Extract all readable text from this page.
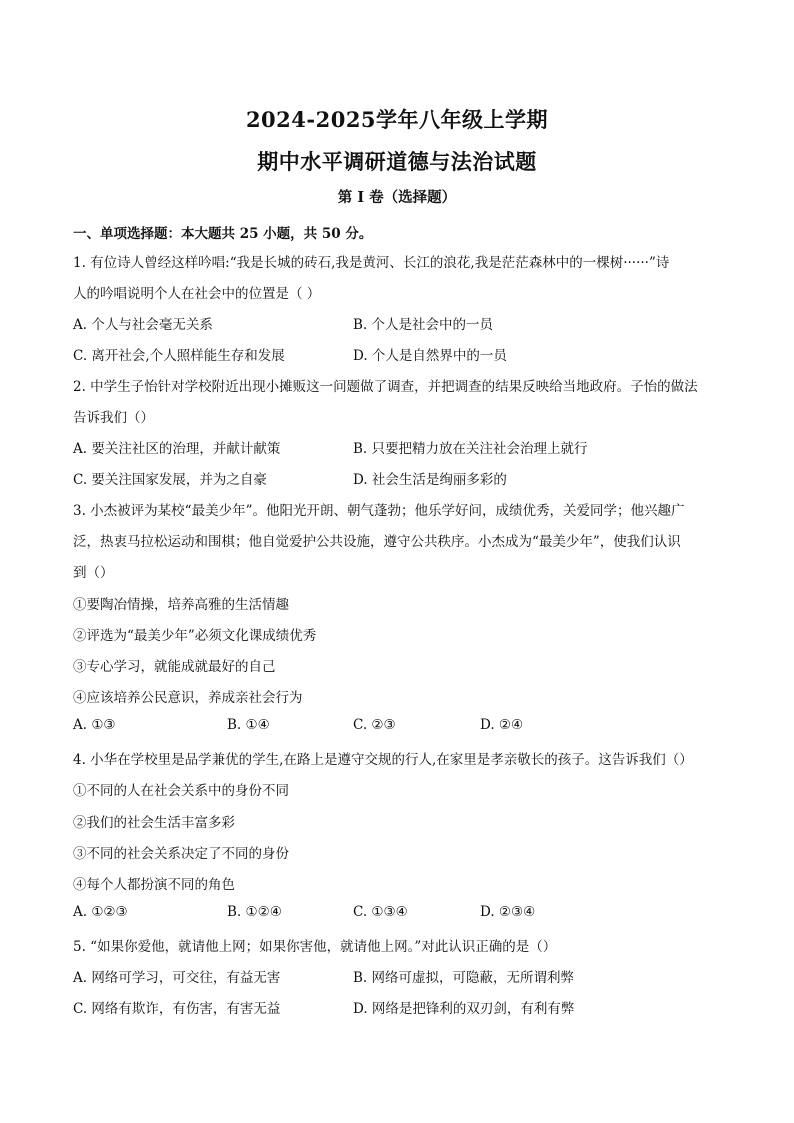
2024-2025学年八年级上学期
期中水平调研道德与法治试题
第 I 卷（选择题）
一、单项选择题：本大题共 25 小题，共 50 分。
1. 有位诗人曾经这样吟唱:“我是长城的砖石,我是黄河、长江的浪花,我是茫茫森林中的一棵树······”诗
人的吟唱说明个人在社会中的位置是（ ）
A. 个人与社会毫无关系	B. 个人是社会中的一员
C. 离开社会,个人照样能生存和发展	D. 个人是自然界中的一员
2. 中学生子怡针对学校附近出现小摊贩这一问题做了调查，并把调查的结果反映给当地政府。子怡的做法
告诉我们（）
A. 要关注社区的治理，并献计献策	B. 只要把精力放在关注社会治理上就行
C. 要关注国家发展，并为之自豪	D. 社会生活是绚丽多彩的
3. 小杰被评为某校“最美少年”。他阳光开朗、朝气蓬勃；他乐学好问，成绩优秀，关爱同学；他兴趣广
泛，热衷马拉松运动和围棋；他自觉爱护公共设施，遵守公共秩序。小杰成为“最美少年”，使我们认识
到（）
①要陶冶情操，培养高雅的生活情趣
②评选为“最美少年”必须文化课成绩优秀
③专心学习，就能成就最好的自己
④应该培养公民意识，养成亲社会行为
A. ①③	B. ①④	C. ②③	D. ②④
4. 小华在学校里是品学兼优的学生,在路上是遵守交规的行人,在家里是孝亲敬长的孩子。这告诉我们（）
①不同的人在社会关系中的身份不同
②我们的社会生活丰富多彩
③不同的社会关系决定了不同的身份
④每个人都扮演不同的角色
A. ①②③	B. ①②④	C. ①③④	D. ②③④
5. “如果你爱他，就请他上网；如果你害他，就请他上网。”对此认识正确的是（）
A. 网络可学习，可交往，有益无害	B. 网络可虚拟，可隐蔽，无所谓利弊
C. 网络有欺诈，有伤害，有害无益	D. 网络是把锋利的双刃剑，有利有弊
